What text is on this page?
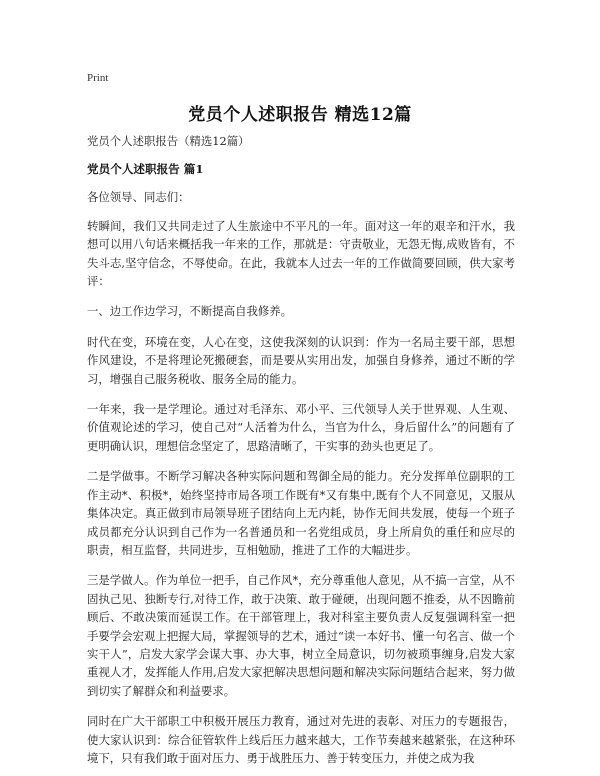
Print
党员个人述职报告 精选12篇

党员个人述职报告（精选12篇）

党员个人述职报告 篇1

各位领导、同志们：

转瞬间，我们又共同走过了人生旅途中不平凡的一年。面对这一年的艰辛和汗水，我想可以用八句话来概括我一年来的工作，那就是：守责敬业，无怨无悔,成败皆有，不失斗志,坚守信念，不辱使命。在此，我就本人过去一年的工作做简要回顾，供大家考评：

一、边工作边学习，不断提高自我修养。

时代在变，环境在变，人心在变，这使我深刻的认识到：作为一名局主要干部，思想作风建设，不是将理论死搬硬套，而是要从实用出发，加强自身修养，通过不断的学习，增强自己服务税收、服务全局的能力。

一年来，我一是学理论。通过对毛泽东、邓小平、三代领导人关于世界观、人生观、价值观论述的学习，使自己对“人活着为什么，当官为什么，身后留什么”的问题有了更明确认识，理想信念坚定了，思路清晰了，干实事的劲头也更足了。

二是学做事。不断学习解决各种实际问题和驾御全局的能力。充分发挥单位副职的工作主动*、积极*，始终坚持市局各项工作既有*又有集中,既有个人不同意见，又服从集体决定。真正做到市局领导班子团结向上无内耗，协作无间共发展，使每一个班子成员都充分认识到自己作为一名普通员和一名党组成员，身上所肩负的重任和应尽的职责，相互监督，共同进步，互相勉励，推进了工作的大幅进步。

三是学做人。作为单位一把手，自己作风*，充分尊重他人意见，从不搞一言堂，从不固执己见、独断专行,对待工作，敢于决策、敢于碰硬，出现问题不推委，从不因瞻前顾后、不敢决策而延误工作。在干部管理上，我对科室主要负责人反复强调科室一把手要学会宏观上把握大局，掌握领导的艺术，通过“读一本好书、懂一句名言、做一个实干人”，启发大家学会谋大事、办大事，树立全局意识，切勿被琐事缠身,启发大家重视人才，发挥能人作用,启发大家把解决思想问题和解决实际问题结合起来，努力做到切实了解群众和利益要求。

同时在广大干部职工中积极开展压力教育，通过对先进的表彰、对压力的专题报告，使大家认识到：综合征管软件上线后压力越来越大，工作节奏越来越紧张，在这种环境下，只有我们敢于面对压力、勇于战胜压力、善于转变压力，并使之成为我
